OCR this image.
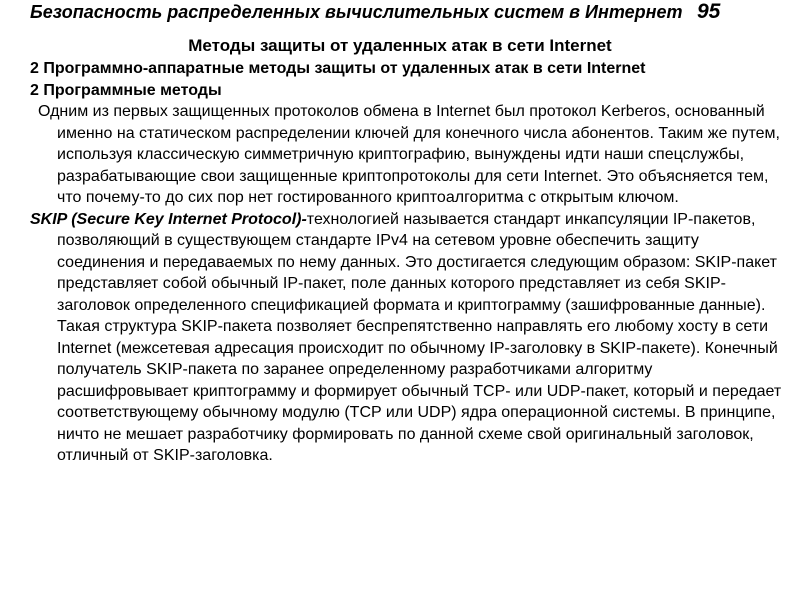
Безопасность распределенных вычислительных систем в Интернет 95
Методы защиты от удаленных атак в сети Internet
2 Программно-аппаратные методы защиты от удаленных атак в сети Internet
2 Программные методы

Одним из первых защищенных протоколов обмена в Internet был протокол Kerberos, основанный именно на статическом распределении ключей для конечного числа абонентов. Таким же путем, используя классическую симметричную криптографию, вынуждены идти наши спецслужбы, разрабатывающие свои защищенные криптопротоколы для сети Internet. Это объясняется тем, что почему-то до сих пор нет гостированного криптоалгоритма с открытым ключом.

SKIP (Secure Key Internet Protocol)-технологией называется стандарт инкапсуляции IP-пакетов, позволяющий в существующем стандарте IPv4 на сетевом уровне обеспечить защиту соединения и передаваемых по нему данных. Это достигается следующим образом: SKIP-пакет представляет собой обычный IP-пакет, поле данных которого представляет из себя SKIP-заголовок определенного спецификацией формата и криптограмму (зашифрованные данные). Такая структура SKIP-пакета позволяет беспрепятственно направлять его любому хосту в сети Internet (межсетевая адресация происходит по обычному IP-заголовку в SKIP-пакете). Конечный получатель SKIP-пакета по заранее определенному разработчиками алгоритму расшифровывает криптограмму и формирует обычный TCP- или UDP-пакет, который и передает соответствующему обычному модулю (TCP или UDP) ядра операционной системы. В принципе, ничто не мешает разработчику формировать по данной схеме свой оригинальный заголовок, отличный от SKIP-заголовка.
